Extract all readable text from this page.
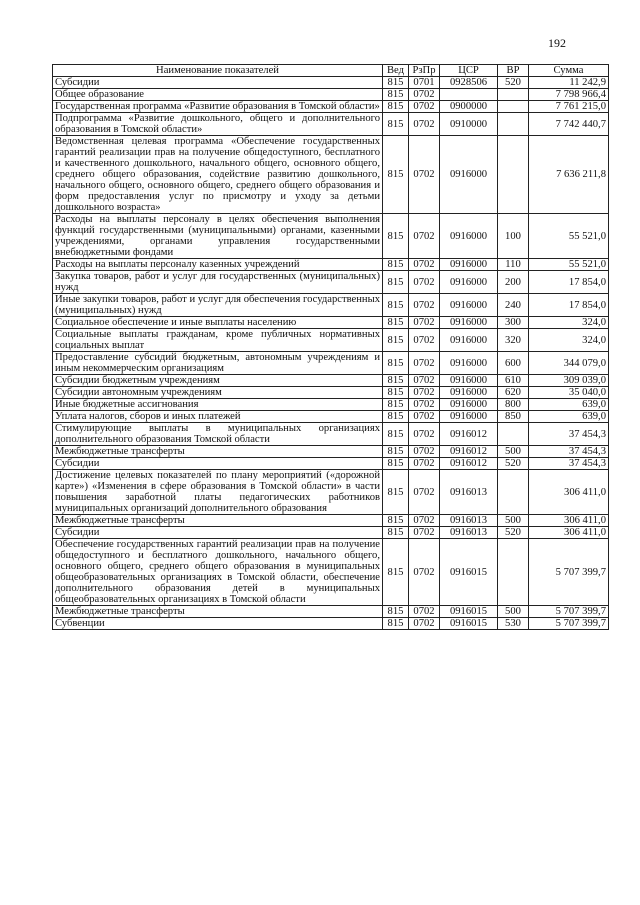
192
Наименование показателей	Вед	РзПр	ЦСР	ВР	Сумма
Субсидии	815	0701	0928506	520	11 242,9
Общее образование	815	0702			7 798 966,4
Государственная программа «Развитие образования в Томской области»	815	0702	0900000		7 761 215,0
Подпрограмма «Развитие дошкольного, общего и дополнительного образования в Томской области»	815	0702	0910000		7 742 440,7
Ведомственная целевая программа «Обеспечение государственных гарантий реализации прав на получение общедоступного, бесплатного и качественного дошкольного, начального общего, основного общего, среднего общего образования, содействие развитию дошкольного, начального общего, основного общего, среднего общего образования и форм предоставления услуг по присмотру и уходу за детьми дошкольного возраста»	815	0702	0916000		7 636 211,8
Расходы на выплаты персоналу в целях обеспечения выполнения функций государственными (муниципальными) органами, казенными учреждениями, органами управления государственными внебюджетными фондами	815	0702	0916000	100	55 521,0
Расходы на выплаты персоналу казенных учреждений	815	0702	0916000	110	55 521,0
Закупка товаров, работ и услуг для государственных (муниципальных) нужд	815	0702	0916000	200	17 854,0
Иные закупки товаров, работ и услуг для обеспечения государственных (муниципальных) нужд	815	0702	0916000	240	17 854,0
Социальное обеспечение и иные выплаты населению	815	0702	0916000	300	324,0
Социальные выплаты гражданам, кроме публичных нормативных социальных выплат	815	0702	0916000	320	324,0
Предоставление субсидий бюджетным, автономным учреждениям и иным некоммерческим организациям	815	0702	0916000	600	344 079,0
Субсидии бюджетным учреждениям	815	0702	0916000	610	309 039,0
Субсидии автономным учреждениям	815	0702	0916000	620	35 040,0
Иные бюджетные ассигнования	815	0702	0916000	800	639,0
Уплата налогов, сборов и иных платежей	815	0702	0916000	850	639,0
Стимулирующие выплаты в муниципальных организациях дополнительного образования Томской области	815	0702	0916012		37 454,3
Межбюджетные трансферты	815	0702	0916012	500	37 454,3
Субсидии	815	0702	0916012	520	37 454,3
Достижение целевых показателей по плану мероприятий («дорожной карте») «Изменения в сфере образования в Томской области» в части повышения заработной платы педагогических работников муниципальных организаций дополнительного образования	815	0702	0916013		306 411,0
Межбюджетные трансферты	815	0702	0916013	500	306 411,0
Субсидии	815	0702	0916013	520	306 411,0
Обеспечение государственных гарантий реализации прав на получение общедоступного и бесплатного дошкольного, начального общего, основного общего, среднего общего образования в муниципальных общеобразовательных организациях в Томской области, обеспечение дополнительного образования детей в муниципальных общеобразовательных организациях в Томской области	815	0702	0916015		5 707 399,7
Межбюджетные трансферты	815	0702	0916015	500	5 707 399,7
Субвенции	815	0702	0916015	530	5 707 399,7
